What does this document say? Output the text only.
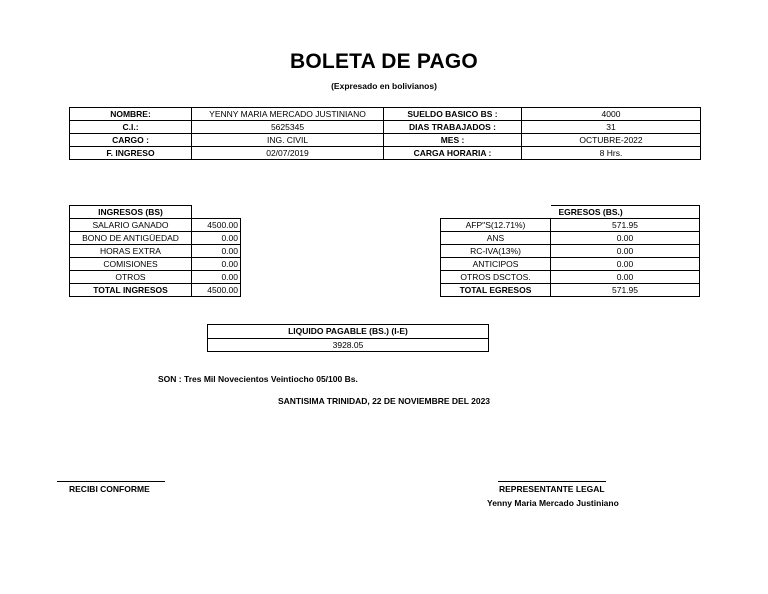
BOLETA DE PAGO
(Expresado en bolivianos)
NOMBRE:	YENNY MARIA MERCADO JUSTINIANO	SUELDO BASICO BS :	4000
C.I.:	5625345	DIAS TRABAJADOS :	31
CARGO :	ING. CIVIL	MES :	OCTUBRE-2022
F. INGRESO	02/07/2019	CARGA HORARIA :	8 Hrs.
INGRESOS (BS)	
SALARIO GANADO	4500.00
BONO DE ANTIGÜEDAD	0.00
HORAS EXTRA	0.00
COMISIONES	0.00
OTROS	0.00
TOTAL INGRESOS	4500.00
	EGRESOS (BS.)
AFP"S(12.71%)	571.95
ANS	0.00
RC-IVA(13%)	0.00
ANTICIPOS	0.00
OTROS DSCTOS.	0.00
TOTAL EGRESOS	571.95
LIQUIDO PAGABLE (BS.) (I-E)
3928.05
SON : Tres Mil Novecientos Veintiocho 05/100 Bs.
SANTISIMA TRINIDAD, 22 DE NOVIEMBRE DEL 2023
RECIBI CONFORME	REPRESENTANTE LEGAL
Yenny Maria Mercado Justiniano
